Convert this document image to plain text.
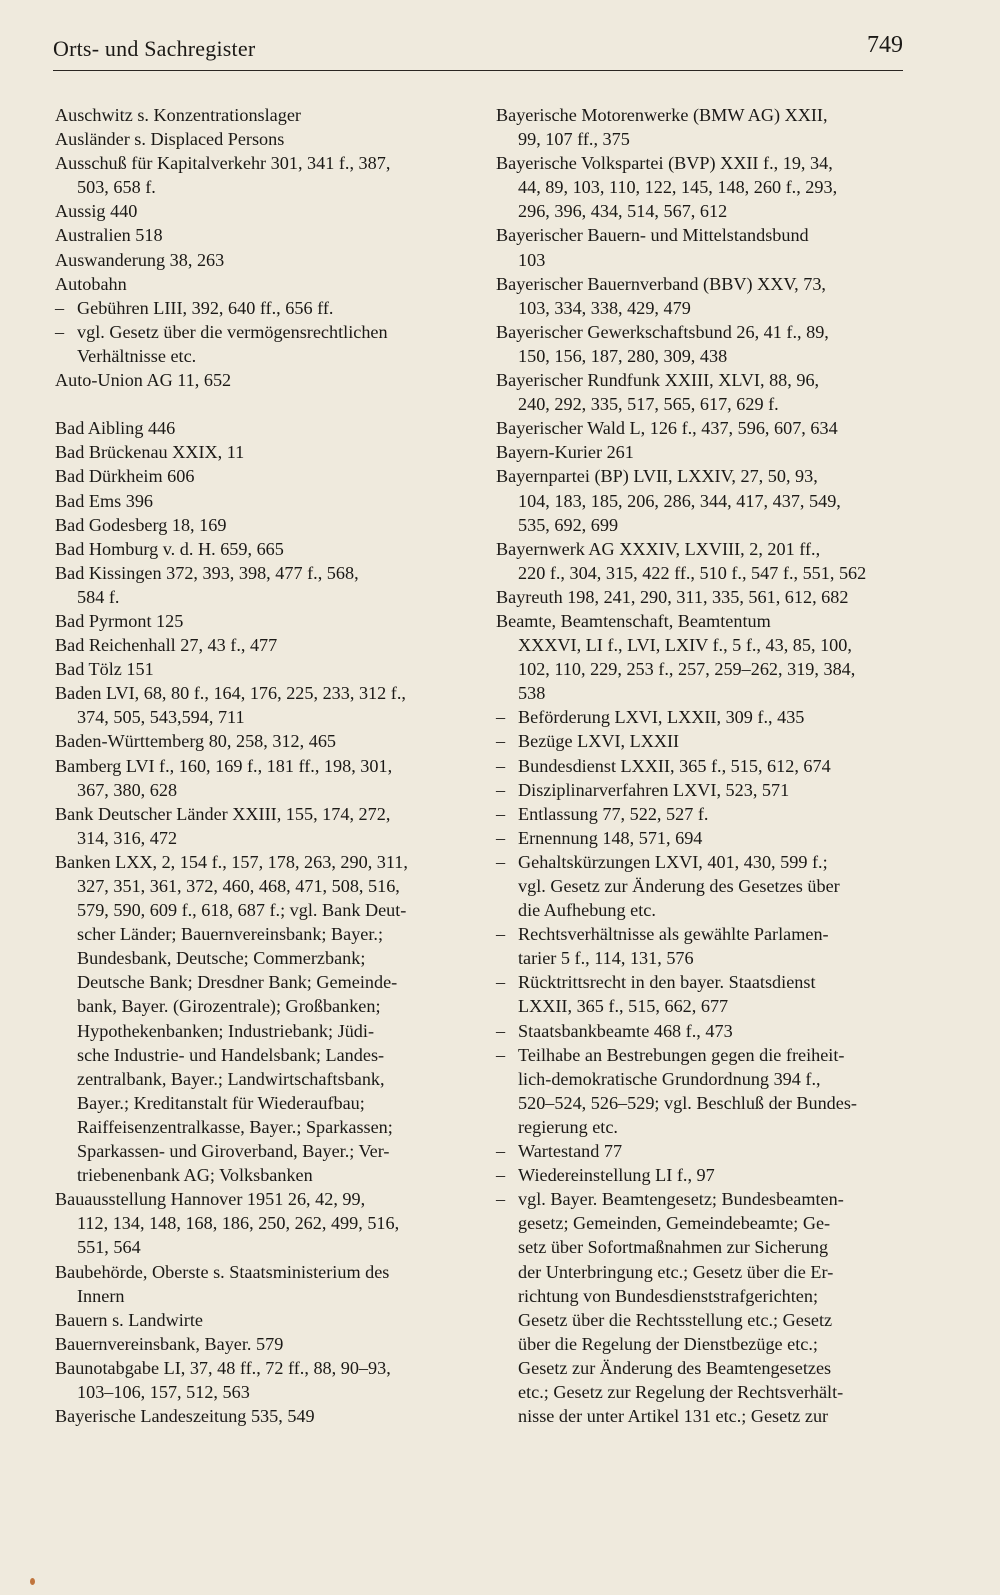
Orts- und Sachregister	749
Auschwitz s. Konzentrationslager
Ausländer s. Displaced Persons
Ausschuß für Kapitalverkehr 301, 341 f., 387,
503, 658 f.
Aussig 440
Australien 518
Auswanderung 38, 263
Autobahn
– Gebühren LIII, 392, 640 ff., 656 ff.
– vgl. Gesetz über die vermögensrechtlichen
Verhältnisse etc.
Auto-Union AG 11, 652
Bad Aibling 446
Bad Brückenau XXIX, 11
Bad Dürkheim 606
Bad Ems 396
Bad Godesberg 18, 169
Bad Homburg v. d. H. 659, 665
Bad Kissingen 372, 393, 398, 477 f., 568,
584 f.
Bad Pyrmont 125
Bad Reichenhall 27, 43 f., 477
Bad Tölz 151
Baden LVI, 68, 80 f., 164, 176, 225, 233, 312 f.,
374, 505, 543,594, 711
Baden-Württemberg 80, 258, 312, 465
Bamberg LVI f., 160, 169 f., 181 ff., 198, 301,
367, 380, 628
Bank Deutscher Länder XXIII, 155, 174, 272,
314, 316, 472
Banken LXX, 2, 154 f., 157, 178, 263, 290, 311,
327, 351, 361, 372, 460, 468, 471, 508, 516,
579, 590, 609 f., 618, 687 f.; vgl. Bank Deut-
scher Länder; Bauernvereinsbank; Bayer.;
Bundesbank, Deutsche; Commerzbank;
Deutsche Bank; Dresdner Bank; Gemeinde-
bank, Bayer. (Girozentrale); Großbanken;
Hypothekenbanken; Industriebank; Jüdi-
sche Industrie- und Handelsbank; Landes-
zentralbank, Bayer.; Landwirtschaftsbank,
Bayer.; Kreditanstalt für Wiederaufbau;
Raiffeisenzentralkasse, Bayer.; Sparkassen;
Sparkassen- und Giroverband, Bayer.; Ver-
triebenenbank AG; Volksbanken
Bauausstellung Hannover 1951 26, 42, 99,
112, 134, 148, 168, 186, 250, 262, 499, 516,
551, 564
Baubehörde, Oberste s. Staatsministerium des
Innern
Bauern s. Landwirte
Bauernvereinsbank, Bayer. 579
Baunotabgabe LI, 37, 48 ff., 72 ff., 88, 90–93,
103–106, 157, 512, 563
Bayerische Landeszeitung 535, 549
Bayerische Motorenwerke (BMW AG) XXII,
99, 107 ff., 375
Bayerische Volkspartei (BVP) XXII f., 19, 34,
44, 89, 103, 110, 122, 145, 148, 260 f., 293,
296, 396, 434, 514, 567, 612
Bayerischer Bauern- und Mittelstandsbund
103
Bayerischer Bauernverband (BBV) XXV, 73,
103, 334, 338, 429, 479
Bayerischer Gewerkschaftsbund 26, 41 f., 89,
150, 156, 187, 280, 309, 438
Bayerischer Rundfunk XXIII, XLVI, 88, 96,
240, 292, 335, 517, 565, 617, 629 f.
Bayerischer Wald L, 126 f., 437, 596, 607, 634
Bayern-Kurier 261
Bayernpartei (BP) LVII, LXXIV, 27, 50, 93,
104, 183, 185, 206, 286, 344, 417, 437, 549,
535, 692, 699
Bayernwerk AG XXXIV, LXVIII, 2, 201 ff.,
220 f., 304, 315, 422 ff., 510 f., 547 f., 551, 562
Bayreuth 198, 241, 290, 311, 335, 561, 612, 682
Beamte, Beamtenschaft, Beamtentum
XXXVI, LI f., LVI, LXIV f., 5 f., 43, 85, 100,
102, 110, 229, 253 f., 257, 259–262, 319, 384,
538
– Beförderung LXVI, LXXII, 309 f., 435
– Bezüge LXVI, LXXII
– Bundesdienst LXXII, 365 f., 515, 612, 674
– Disziplinarverfahren LXVI, 523, 571
– Entlassung 77, 522, 527 f.
– Ernennung 148, 571, 694
– Gehaltskürzungen LXVI, 401, 430, 599 f.;
vgl. Gesetz zur Änderung des Gesetzes über
die Aufhebung etc.
– Rechtsverhältnisse als gewählte Parlamen-
tarier 5 f., 114, 131, 576
– Rücktrittsrecht in den bayer. Staatsdienst
LXXII, 365 f., 515, 662, 677
– Staatsbankbeamte 468 f., 473
– Teilhabe an Bestrebungen gegen die freiheit-
lich-demokratische Grundordnung 394 f.,
520–524, 526–529; vgl. Beschluß der Bundes-
regierung etc.
– Wartestand 77
– Wiedereinstellung LI f., 97
– vgl. Bayer. Beamtengesetz; Bundesbeamten-
gesetz; Gemeinden, Gemeindebeamte; Ge-
setz über Sofortmaßnahmen zur Sicherung
der Unterbringung etc.; Gesetz über die Er-
richtung von Bundesdienststrafgerichten;
Gesetz über die Rechtsstellung etc.; Gesetz
über die Regelung der Dienstbezüge etc.;
Gesetz zur Änderung des Beamtengesetzes
etc.; Gesetz zur Regelung der Rechtsverhält-
nisse der unter Artikel 131 etc.; Gesetz zur
